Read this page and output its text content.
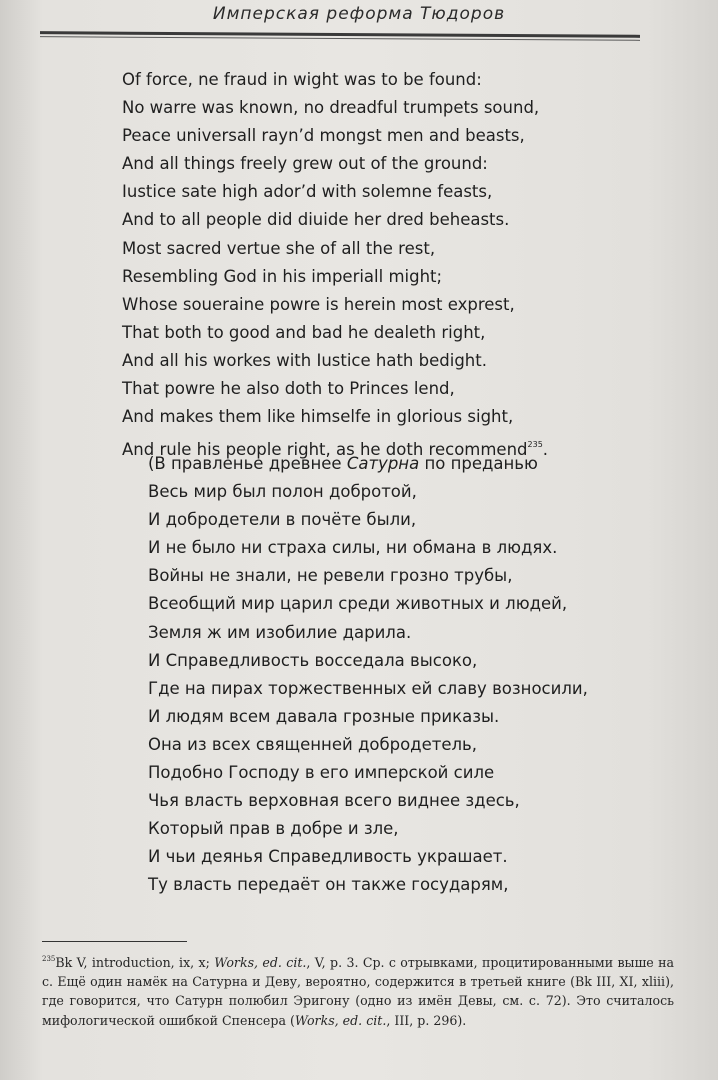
Имперская реформа Тюдоров
Of force, ne fraud in wight was to be found:
No warre was known, no dreadful trumpets sound,
Peace universall rayn’d mongst men and beasts,
And all things freely grew out of the ground:
Iustice sate high ador’d with solemne feasts,
And to all people did diuide her dred beheasts.
Most sacred vertue she of all the rest,
Resembling God in his imperiall might;
Whose soueraine powre is herein most exprest,
That both to good and bad he dealeth right,
And all his workes with Iustice hath bedight.
That powre he also doth to Princes lend,
And makes them like himselfe in glorious sight,
And rule his people right, as he doth recommend$^{235}$.
(В правленье древнее Сатурна по преданью
Весь мир был полон добротой,
И добродетели в почёте были,
И не было ни страха силы, ни обмана в людях.
Войны не знали, не ревели грозно трубы,
Всеобщий мир царил среди животных и людей,
Земля ж им изобилие дарила.
И Справедливость восседала высоко,
Где на пирах торжественных ей славу возносили,
И людям всем давала грозные приказы.
Она из всех священней добродетель,
Подобно Господу в его имперской силе
Чья власть верховная всего виднее здесь,
Который прав в добре и зле,
И чьи деянья Справедливость украшает.
Ту власть передаёт он также государям,
$^{235}$Bk V, introduction, ix, x; Works, ed. cit., V, p. 3. Ср. с отрывками, процитированными выше на с. Ещё один намёк на Сатурна и Деву, вероятно, содержится в третьей книге (Bk III, XI, xliii), где говорится, что Сатурн полюбил Эригону (одно из имён Девы, см. с. 72). Это считалось мифологической ошибкой Спенсера (Works, ed. cit., III, p. 296).
